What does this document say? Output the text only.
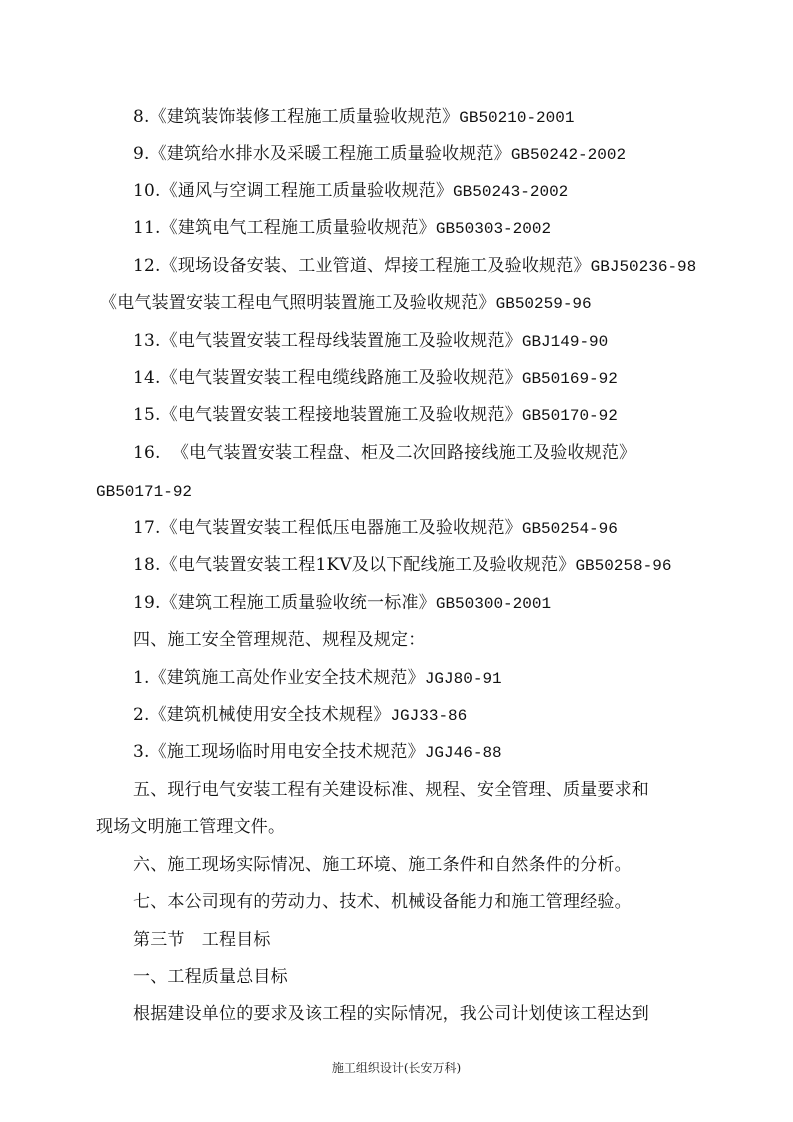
8.《建筑装饰装修工程施工质量验收规范》GB50210-2001
9.《建筑给水排水及采暖工程施工质量验收规范》GB50242-2002
10.《通风与空调工程施工质量验收规范》GB50243-2002
11.《建筑电气工程施工质量验收规范》GB50303-2002
12.《现场设备安装、工业管道、焊接工程施工及验收规范》GBJ50236-98
《电气装置安装工程电气照明装置施工及验收规范》GB50259-96
13.《电气装置安装工程母线装置施工及验收规范》GBJ149-90
14.《电气装置安装工程电缆线路施工及验收规范》GB50169-92
15.《电气装置安装工程接地装置施工及验收规范》GB50170-92
16. 《电气装置安装工程盘、柜及二次回路接线施工及验收规范》
GB50171-92
17.《电气装置安装工程低压电器施工及验收规范》GB50254-96
18.《电气装置安装工程1KV及以下配线施工及验收规范》GB50258-96
19.《建筑工程施工质量验收统一标准》GB50300-2001
四、施工安全管理规范、规程及规定：
1.《建筑施工高处作业安全技术规范》JGJ80-91
2.《建筑机械使用安全技术规程》JGJ33-86
3.《施工现场临时用电安全技术规范》JGJ46-88
五、现行电气安装工程有关建设标准、规程、安全管理、质量要求和
现场文明施工管理文件。
六、施工现场实际情况、施工环境、施工条件和自然条件的分析。
七、本公司现有的劳动力、技术、机械设备能力和施工管理经验。
第三节　工程目标
一、工程质量总目标
根据建设单位的要求及该工程的实际情况，我公司计划使该工程达到
施工组织设计(长安万科)
